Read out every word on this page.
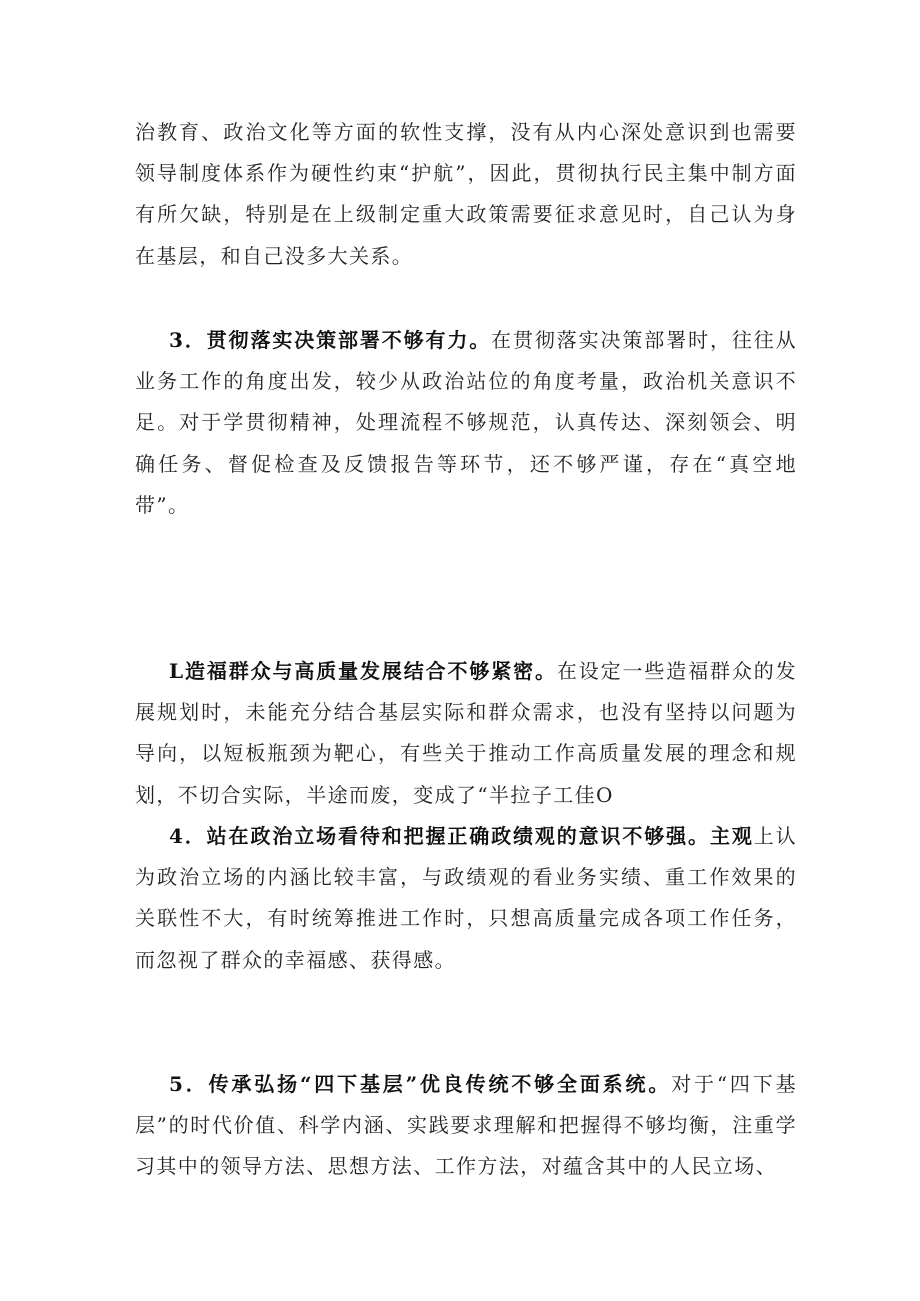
治教育、政治文化等方面的软性支撑，没有从内心深处意识到也需要领导制度体系作为硬性约束“护航”，因此，贯彻执行民主集中制方面有所欠缺，特别是在上级制定重大政策需要征求意见时，自己认为身在基层，和自己没多大关系。
3．贯彻落实决策部署不够有力。在贯彻落实决策部署时，往往从业务工作的角度出发，较少从政治站位的角度考量，政治机关意识不足。对于学贯彻精神，处理流程不够规范，认真传达、深刻领会、明确任务、督促检查及反馈报告等环节，还不够严谨，存在“真空地带”。
L造福群众与高质量发展结合不够紧密。在设定一些造福群众的发展规划时，未能充分结合基层实际和群众需求，也没有坚持以问题为导向，以短板瓶颈为靶心，有些关于推动工作高质量发展的理念和规划，不切合实际，半途而废，变成了“半拉子工佳O
4．站在政治立场看待和把握正确政绩观的意识不够强。主观上认为政治立场的内涵比较丰富，与政绩观的看业务实绩、重工作效果的关联性不大，有时统筹推进工作时，只想高质量完成各项工作任务，而忽视了群众的幸福感、获得感。
5．传承弘扬“四下基层”优良传统不够全面系统。对于“四下基层”的时代价值、科学内涵、实践要求理解和把握得不够均衡，注重学习其中的领导方法、思想方法、工作方法，对蕴含其中的人民立场、
